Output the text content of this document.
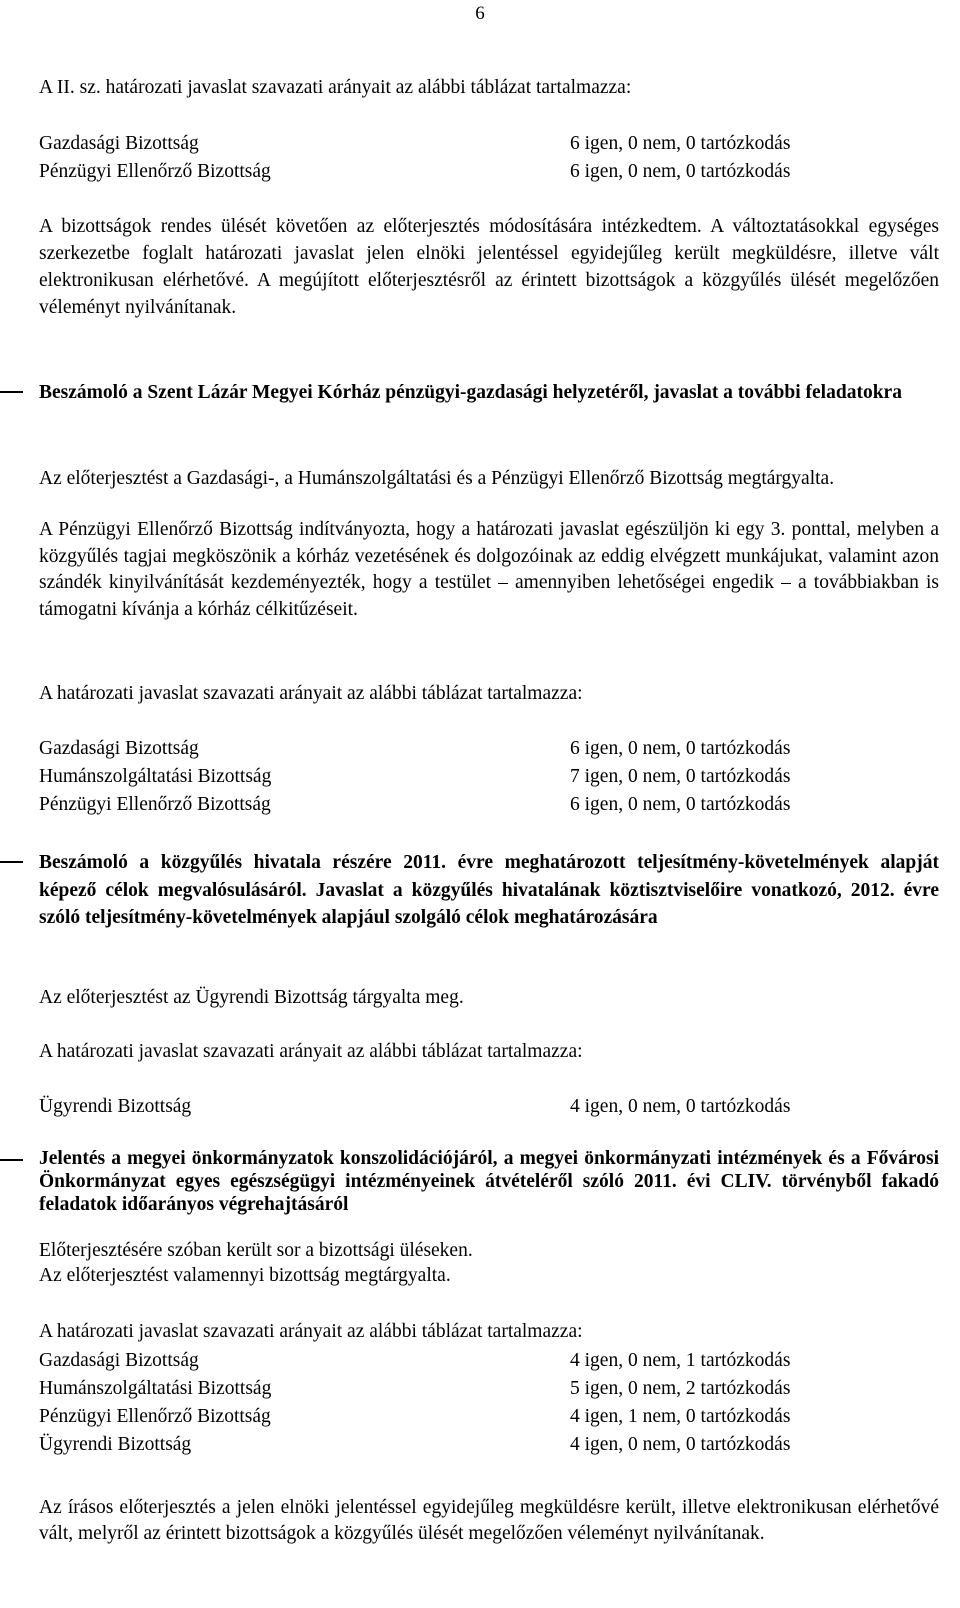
6

A II. sz. határozati javaslat szavazati arányait az alábbi táblázat tartalmazza:

Gazdasági Bizottság	6 igen, 0 nem, 0 tartózkodás
Pénzügyi Ellenőrző Bizottság	6 igen, 0 nem, 0 tartózkodás

A bizottságok rendes ülését követően az előterjesztés módosítására intézkedtem. A változtatásokkal egységes szerkezetbe foglalt határozati javaslat jelen elnöki jelentéssel egyidejűleg került megküldésre, illetve vált elektronikusan elérhetővé. A megújított előterjesztésről az érintett bizottságok a közgyűlés ülését megelőzően véleményt nyilvánítanak.

Beszámoló a Szent Lázár Megyei Kórház pénzügyi-gazdasági helyzetéről, javaslat a további feladatokra

Az előterjesztést a Gazdasági-, a Humánszolgáltatási és a Pénzügyi Ellenőrző Bizottság megtárgyalta.

A Pénzügyi Ellenőrző Bizottság indítványozta, hogy a határozati javaslat egészüljön ki egy 3. ponttal, melyben a közgyűlés tagjai megköszönik a kórház vezetésének és dolgozóinak az eddig elvégzett munkájukat, valamint azon szándék kinyilvánítását kezdeményezték, hogy a testület – amennyiben lehetőségei engedik – a továbbiakban is támogatni kívánja a kórház célkitűzéseit.

A határozati javaslat szavazati arányait az alábbi táblázat tartalmazza:

Gazdasági Bizottság	6 igen, 0 nem, 0 tartózkodás
Humánszolgáltatási Bizottság	7 igen, 0 nem, 0 tartózkodás
Pénzügyi Ellenőrző Bizottság	6 igen, 0 nem, 0 tartózkodás
Beszámoló a közgyűlés hivatala részére 2011. évre meghatározott teljesítmény-követelmények alapját képező célok megvalósulásáról. Javaslat a közgyűlés hivatalának köztisztviselőire vonatkozó, 2012. évre szóló teljesítmény-követelmények alapjául szolgáló célok meghatározására

Az előterjesztést az Ügyrendi Bizottság tárgyalta meg.

A határozati javaslat szavazati arányait az alábbi táblázat tartalmazza:

Ügyrendi Bizottság	4 igen, 0 nem, 0 tartózkodás
Jelentés a megyei önkormányzatok konszolidációjáról, a megyei önkormányzati intézmények és a Fővárosi Önkormányzat egyes egészségügyi intézményeinek átvételéről szóló 2011. évi CLIV. törvényből fakadó feladatok időarányos végrehajtásáról

Előterjesztésére szóban került sor a bizottsági üléseken.

Az előterjesztést valamennyi bizottság megtárgyalta.

A határozati javaslat szavazati arányait az alábbi táblázat tartalmazza:

Gazdasági Bizottság	4 igen, 0 nem, 1 tartózkodás
Humánszolgáltatási Bizottság	5 igen, 0 nem, 2 tartózkodás
Pénzügyi Ellenőrző Bizottság	4 igen, 1 nem, 0 tartózkodás
Ügyrendi Bizottság	4 igen, 0 nem, 0 tartózkodás

Az írásos előterjesztés a jelen elnöki jelentéssel egyidejűleg megküldésre került, illetve elektronikusan elérhetővé vált, melyről az érintett bizottságok a közgyűlés ülését megelőzően véleményt nyilvánítanak.
